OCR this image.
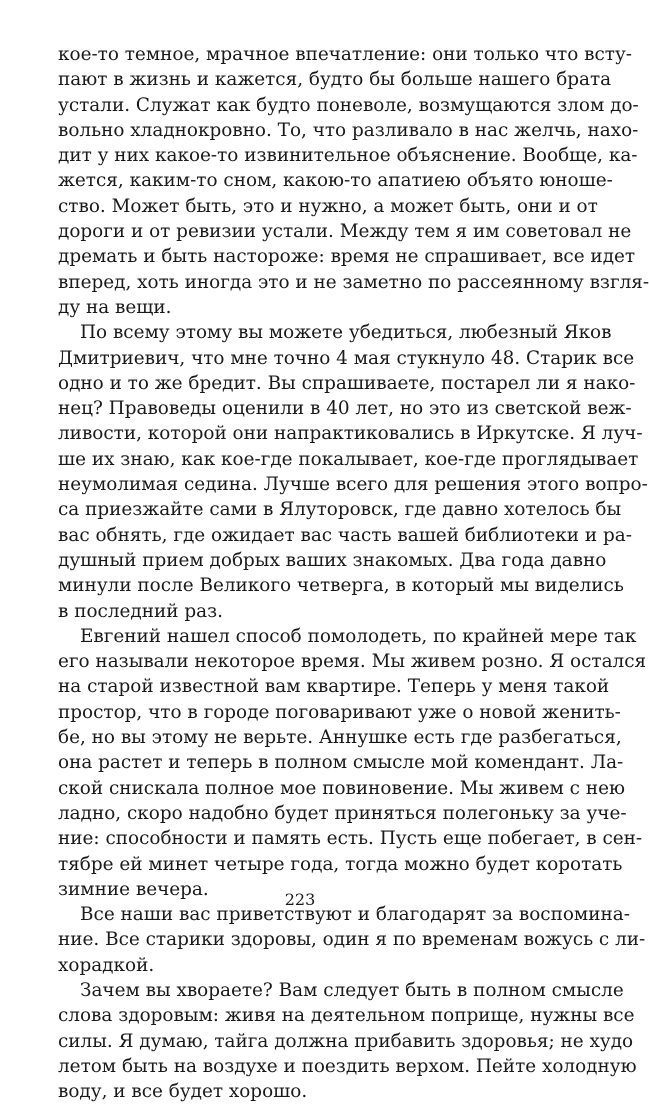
кое-то темное, мрачное впечатление: они только что всту-
пают в жизнь и кажется, будто бы больше нашего брата
устали. Служат как будто поневоле, возмущаются злом до-
вольно хладнокровно. То, что разливало в нас желчь, нахо-
дит у них какое-то извинительное объяснение. Вообще, ка-
жется, каким-то сном, какою-то апатиею объято юноше-
ство. Может быть, это и нужно, а может быть, они и от
дороги и от ревизии устали. Между тем я им советовал не
дремать и быть настороже: время не спрашивает, все идет
вперед, хоть иногда это и не заметно по рассеянному взгля-
ду на вещи.
По всему этому вы можете убедиться, любезный Яков
Дмитриевич, что мне точно 4 мая стукнуло 48. Старик все
одно и то же бредит. Вы спрашиваете, постарел ли я нако-
нец? Правоведы оценили в 40 лет, но это из светской веж-
ливости, которой они напрактиковались в Иркутске. Я луч-
ше их знаю, как кое-где покалывает, кое-где проглядывает
неумолимая седина. Лучше всего для решения этого вопро-
са приезжайте сами в Ялуторовск, где давно хотелось бы
вас обнять, где ожидает вас часть вашей библиотеки и ра-
душный прием добрых ваших знакомых. Два года давно
минули после Великого четверга, в который мы виделись
в последний раз.
Евгений нашел способ помолодеть, по крайней мере так
его называли некоторое время. Мы живем розно. Я остался
на старой известной вам квартире. Теперь у меня такой
простор, что в городе поговаривают уже о новой женить-
бе, но вы этому не верьте. Аннушке есть где разбегаться,
она растет и теперь в полном смысле мой комендант. Ла-
ской снискала полное мое повиновение. Мы живем с нею
ладно, скоро надобно будет приняться полегоньку за уче-
ние: способности и память есть. Пусть еще побегает, в сен-
тябре ей минет четыре года, тогда можно будет коротать
зимние вечера.
Все наши вас приветствуют и благодарят за воспомина-
ние. Все старики здоровы, один я по временам вожусь с ли-
хорадкой.
Зачем вы хвораете? Вам следует быть в полном смысле
слова здоровым: живя на деятельном поприще, нужны все
силы. Я думаю, тайга должна прибавить здоровья; не худо
летом быть на воздухе и поездить верхом. Пейте холодную
воду, и все будет хорошо.
223
